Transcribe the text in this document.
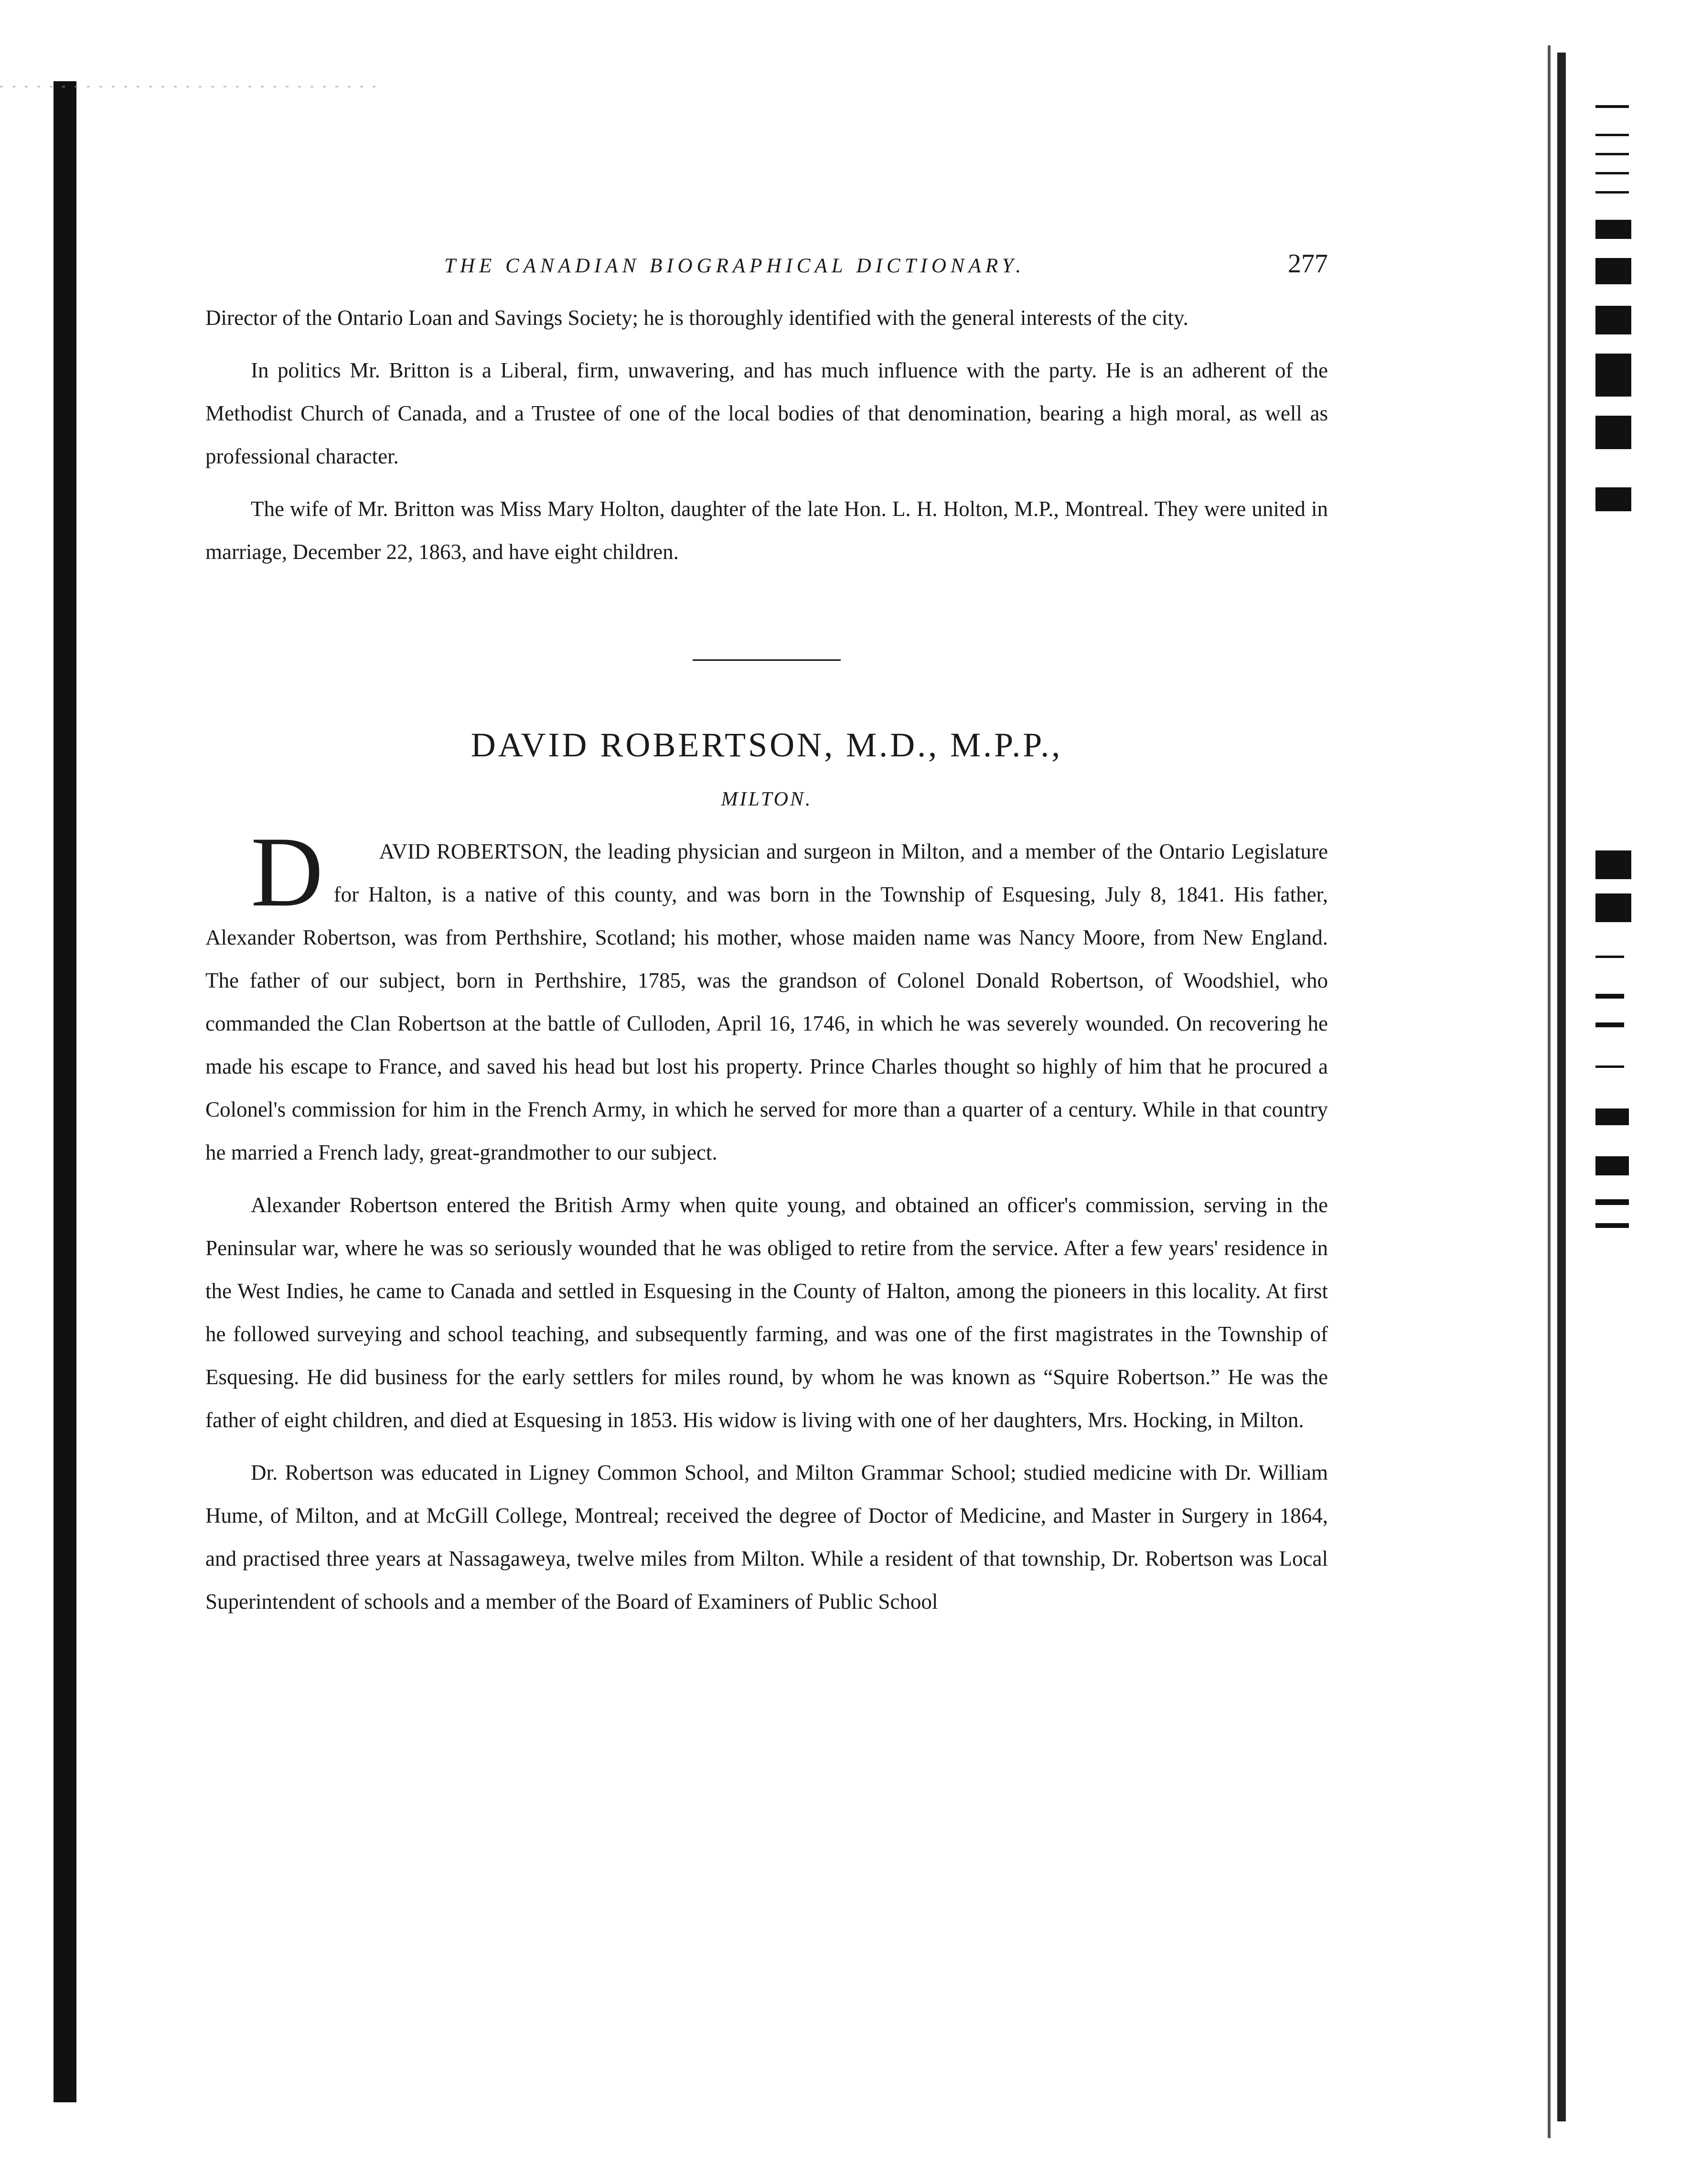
THE CANADIAN BIOGRAPHICAL DICTIONARY.	277

Director of the Ontario Loan and Savings Society; he is thoroughly identified with the general interests of the city.

In politics Mr. Britton is a Liberal, firm, unwavering, and has much influence with the party. He is an adherent of the Methodist Church of Canada, and a Trustee of one of the local bodies of that denomination, bearing a high moral, as well as professional character.

The wife of Mr. Britton was Miss Mary Holton, daughter of the late Hon. L. H. Holton, M.P., Montreal. They were united in marriage, December 22, 1863, and have eight children.

DAVID ROBERTSON, M.D., M.P.P.,
MILTON.

D	AVID ROBERTSON, the leading physician and surgeon in Milton, and a member of the Ontario Legislature for Halton, is a native of this county, and was born in the Township of Esquesing, July 8, 1841. His father, Alexander Robertson, was from Perthshire, Scotland; his mother, whose maiden name was Nancy Moore, from New England. The father of our subject, born in Perthshire, 1785, was the grandson of Colonel Donald Robertson, of Woodshiel, who commanded the Clan Robertson at the battle of Culloden, April 16, 1746, in which he was severely wounded. On recovering he made his escape to France, and saved his head but lost his property. Prince Charles thought so highly of him that he procured a Colonel's commission for him in the French Army, in which he served for more than a quarter of a century. While in that country he married a French lady, great-grandmother to our subject.

Alexander Robertson entered the British Army when quite young, and obtained an officer's commission, serving in the Peninsular war, where he was so seriously wounded that he was obliged to retire from the service. After a few years' residence in the West Indies, he came to Canada and settled in Esquesing in the County of Halton, among the pioneers in this locality. At first he followed surveying and school teaching, and subsequently farming, and was one of the first magistrates in the Township of Esquesing. He did business for the early settlers for miles round, by whom he was known as “Squire Robertson.” He was the father of eight children, and died at Esquesing in 1853. His widow is living with one of her daughters, Mrs. Hocking, in Milton.

Dr. Robertson was educated in Ligney Common School, and Milton Grammar School; studied medicine with Dr. William Hume, of Milton, and at McGill College, Montreal; received the degree of Doctor of Medicine, and Master in Surgery in 1864, and practised three years at Nassagaweya, twelve miles from Milton. While a resident of that township, Dr. Robertson was Local Superintendent of schools and a member of the Board of Examiners of Public School
